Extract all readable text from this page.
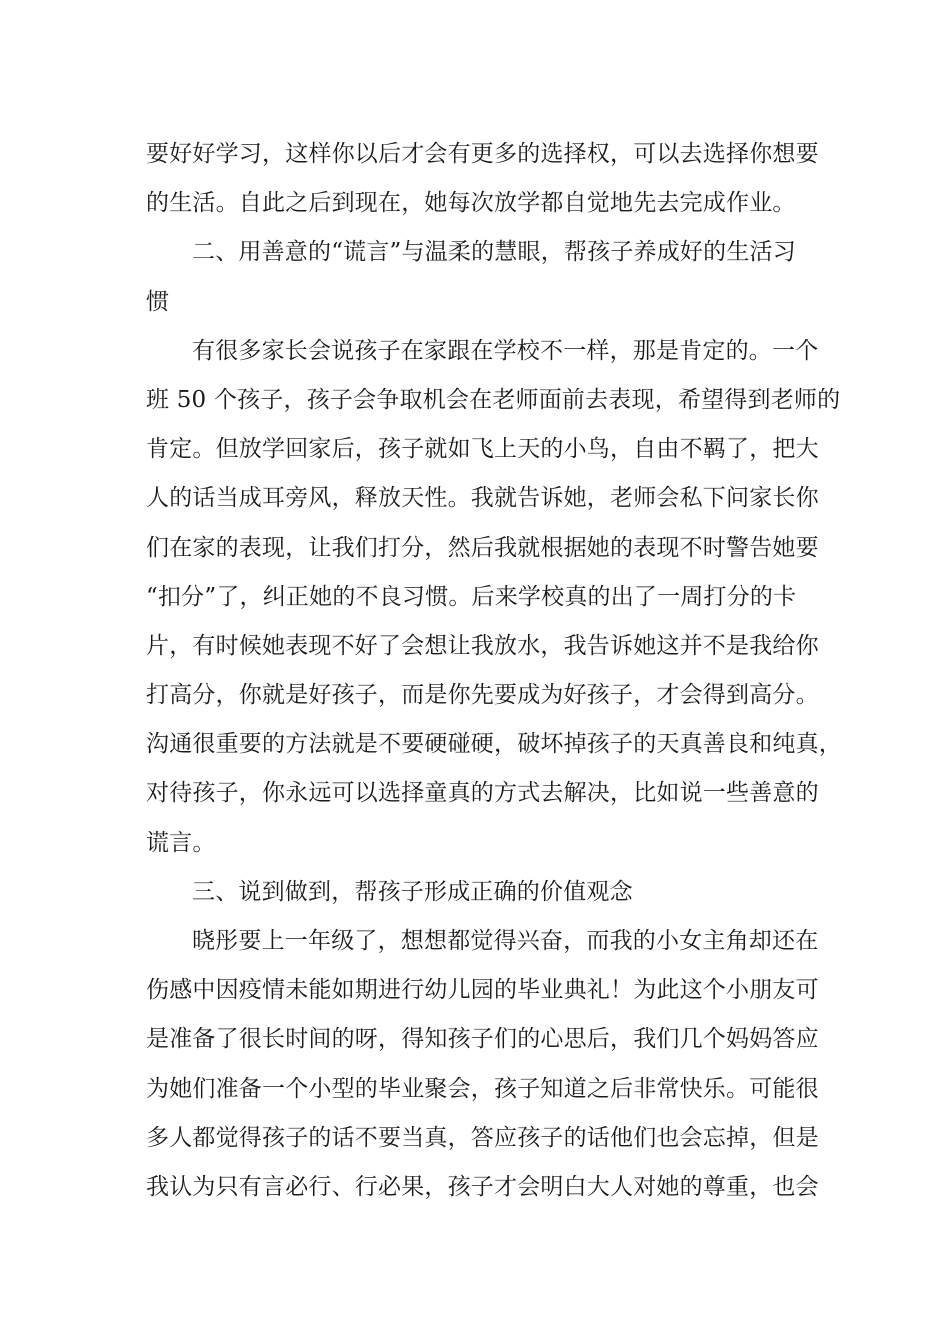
要好好学习，这样你以后才会有更多的选择权，可以去选择你想要
的生活。自此之后到现在，她每次放学都自觉地先去完成作业。
二、用善意的“谎言”与温柔的慧眼，帮孩子养成好的生活习
惯
有很多家长会说孩子在家跟在学校不一样，那是肯定的。一个
班 50 个孩子，孩子会争取机会在老师面前去表现，希望得到老师的
肯定。但放学回家后，孩子就如飞上天的小鸟，自由不羁了，把大
人的话当成耳旁风，释放天性。我就告诉她，老师会私下问家长你
们在家的表现，让我们打分，然后我就根据她的表现不时警告她要
“扣分”了，纠正她的不良习惯。后来学校真的出了一周打分的卡
片，有时候她表现不好了会想让我放水，我告诉她这并不是我给你
打高分，你就是好孩子，而是你先要成为好孩子，才会得到高分。
沟通很重要的方法就是不要硬碰硬，破坏掉孩子的天真善良和纯真，
对待孩子，你永远可以选择童真的方式去解决，比如说一些善意的
谎言。
三、说到做到，帮孩子形成正确的价值观念
晓彤要上一年级了，想想都觉得兴奋，而我的小女主角却还在
伤感中因疫情未能如期进行幼儿园的毕业典礼！为此这个小朋友可
是准备了很长时间的呀，得知孩子们的心思后，我们几个妈妈答应
为她们准备一个小型的毕业聚会，孩子知道之后非常快乐。可能很
多人都觉得孩子的话不要当真，答应孩子的话他们也会忘掉，但是
我认为只有言必行、行必果，孩子才会明白大人对她的尊重，也会
